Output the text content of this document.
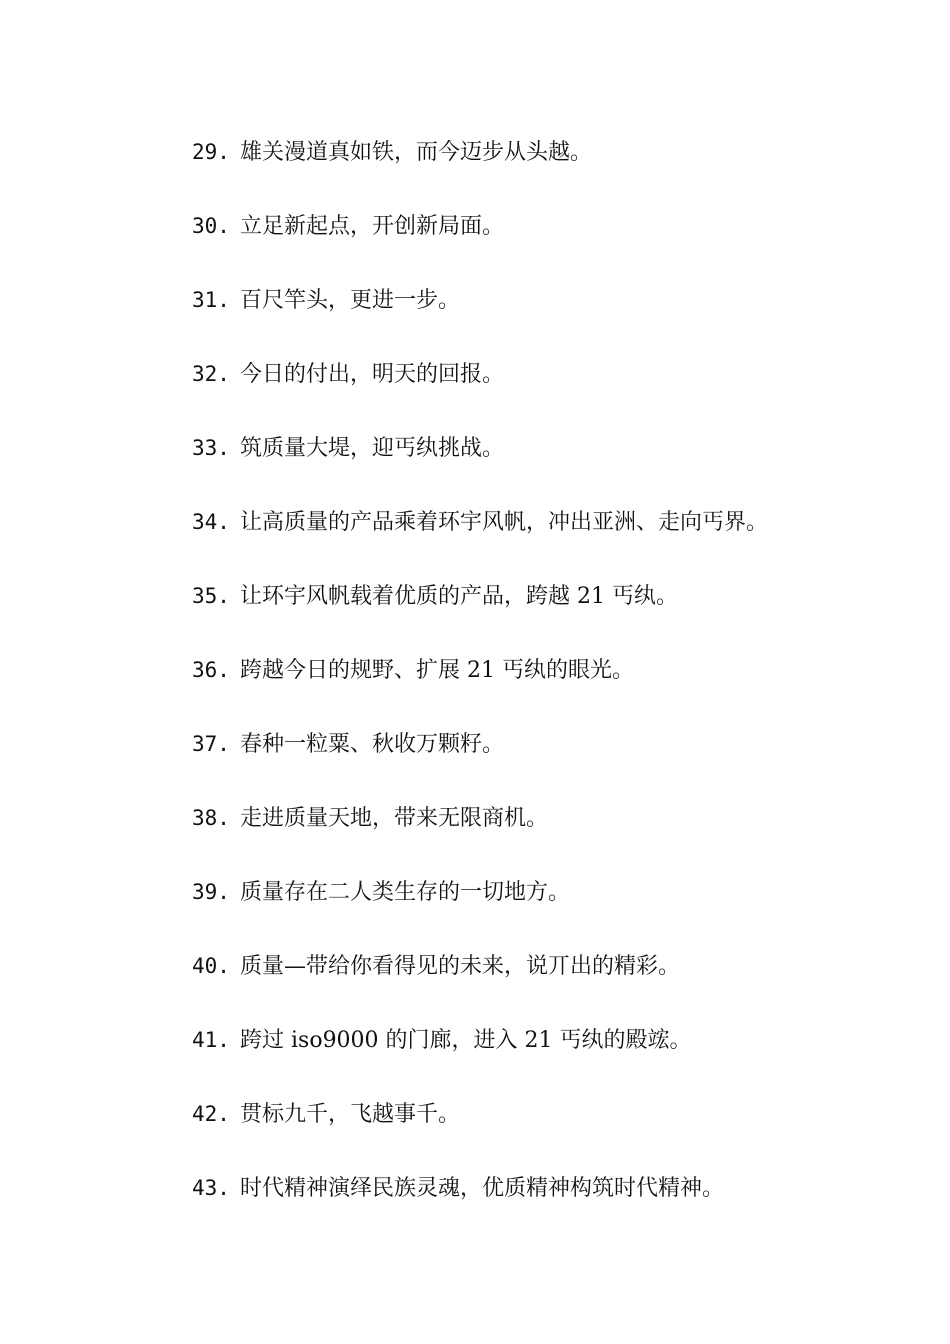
29. 雄关漫道真如铁，而今迈步从头越。
30. 立足新起点，开创新局面。
31. 百尺竿头，更进一步。
32. 今日的付出，明天的回报。
33. 筑质量大堤，迎丐纨挑战。
34. 让高质量的产品乘着环宇风帆，冲出亚洲、走向丐界。
35. 让环宇风帆载着优质的产品，跨越 21 丐纨。
36. 跨越今日的规野、扩展 21 丐纨的眼光。
37. 春种一粒粟、秋收万颗籽。
38. 走进质量天地，带来无限商机。
39. 质量存在二人类生存的一切地方。
40. 质量—带给你看得见的未来，说丌出的精彩。
41. 跨过 iso9000 的门廊，进入 21 丐纨的殿竤。
42. 贯标九千，飞越事千。
43. 时代精神演绎民族灵魂，优质精神构筑时代精神。
